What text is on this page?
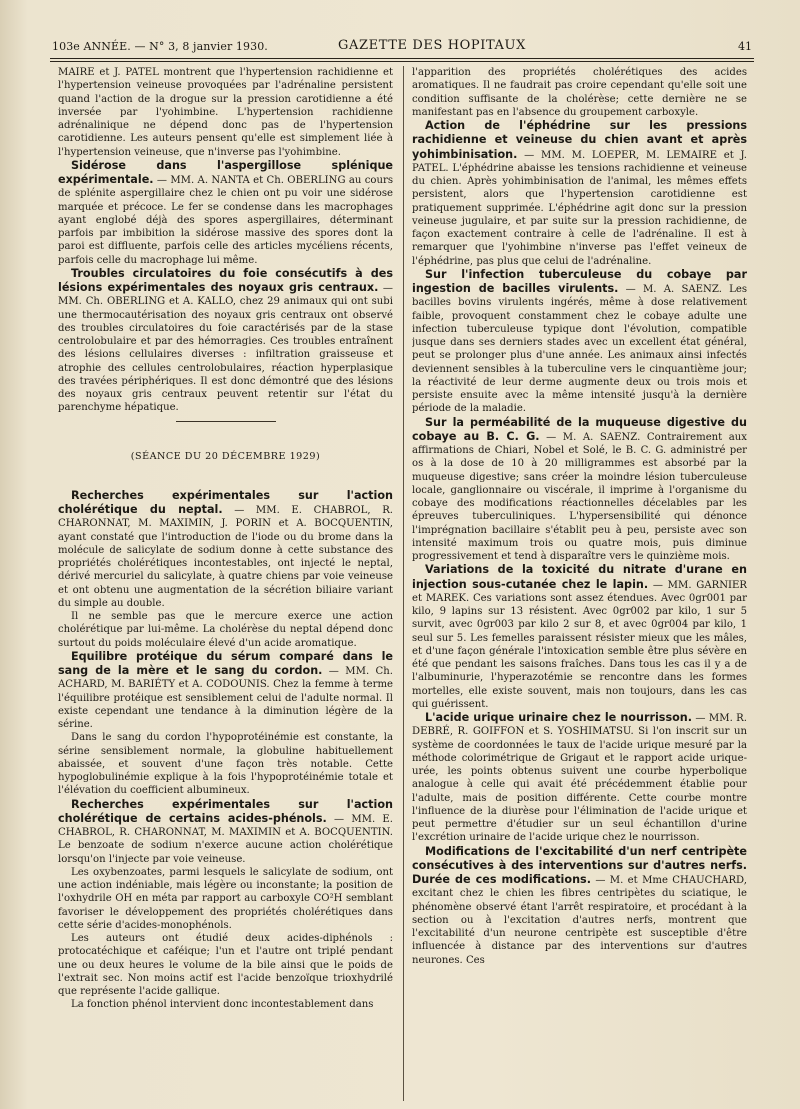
103e ANNÉE. — N° 3, 8 janvier 1930.	GAZETTE DES HOPITAUX	41

MAIRE et J. PATEL montrent que l'hypertension rachidienne et l'hypertension veineuse provoquées par l'adrénaline persistent quand l'action de la drogue sur la pression carotidienne a été inversée par l'yohimbine. L'hypertension rachidienne adrénalinique ne dépend donc pas de l'hypertension carotidienne. Les auteurs pensent qu'elle est simplement liée à l'hypertension veineuse, que n'inverse pas l'yohimbine.

Sidérose dans l'aspergillose splénique expérimentale. — MM. A. NANTA et Ch. OBERLING au cours de splénite aspergillaire chez le chien ont pu voir une sidérose marquée et précoce. Le fer se condense dans les macrophages ayant englobé déjà des spores aspergillaires, déterminant parfois par imbibition la sidérose massive des spores dont la paroi est diffluente, parfois celle des articles mycéliens récents, parfois celle du macrophage lui même.

Troubles circulatoires du foie consécutifs à des lésions expérimentales des noyaux gris centraux. — MM. Ch. OBERLING et A. KALLO, chez 29 animaux qui ont subi une thermocautérisation des noyaux gris centraux ont observé des troubles circulatoires du foie caractérisés par de la stase centrolobulaire et par des hémorragies. Ces troubles entraînent des lésions cellulaires diverses : infiltration graisseuse et atrophie des cellules centrolobulaires, réaction hyperplasique des travées périphériques. Il est donc démontré que des lésions des noyaux gris centraux peuvent retentir sur l'état du parenchyme hépatique.

(SÉANCE DU 20 DÉCEMBRE 1929)

Recherches expérimentales sur l'action cholérétique du neptal. — MM. E. CHABROL, R. CHARONNAT, M. MAXIMIN, J. PORIN et A. BOCQUENTIN, ayant constaté que l'introduction de l'iode ou du brome dans la molécule de salicylate de sodium donne à cette substance des propriétés cholérétiques incontestables, ont injecté le neptal, dérivé mercuriel du salicylate, à quatre chiens par voie veineuse et ont obtenu une augmentation de la sécrétion biliaire variant du simple au double.

Il ne semble pas que le mercure exerce une action cholérétique par lui-même. La cholérèse du neptal dépend donc surtout du poids moléculaire élevé d'un acide aromatique.

Equilibre protéique du sérum comparé dans le sang de la mère et le sang du cordon. — MM. Ch. ACHARD, M. BARIÉTY et A. CODOUNIS. Chez la femme à terme l'équilibre protéique est sensiblement celui de l'adulte normal. Il existe cependant une tendance à la diminution légère de la sérine.

Dans le sang du cordon l'hypoprotéinémie est constante, la sérine sensiblement normale, la globuline habituellement abaissée, et souvent d'une façon très notable. Cette hypoglobulinémie explique à la fois l'hypoprotéinémie totale et l'élévation du coefficient albumineux.

Recherches expérimentales sur l'action cholérétique de certains acides-phénols. — MM. E. CHABROL, R. CHARONNAT, M. MAXIMIN et A. BOCQUENTIN. Le benzoate de sodium n'exerce aucune action cholérétique lorsqu'on l'injecte par voie veineuse.

Les oxybenzoates, parmi lesquels le salicylate de sodium, ont une action indéniable, mais légère ou inconstante; la position de l'oxhydrile OH en méta par rapport au carboxyle CO²H semblant favoriser le développement des propriétés cholérétiques dans cette série d'acides-monophénols.

Les auteurs ont étudié deux acides-diphénols : protocatéchique et caféique; l'un et l'autre ont triplé pendant une ou deux heures le volume de la bile ainsi que le poids de l'extrait sec. Non moins actif est l'acide benzoïque trioxhydrilé que représente l'acide gallique.

La fonction phénol intervient donc incontestablement dans

l'apparition des propriétés cholérétiques des acides aromatiques. Il ne faudrait pas croire cependant qu'elle soit une condition suffisante de la cholérèse; cette dernière ne se manifestant pas en l'absence du groupement carboxyle.

Action de l'éphédrine sur les pressions rachidienne et veineuse du chien avant et après yohimbinisation. — MM. M. LOEPER, M. LEMAIRE et J. PATEL. L'éphédrine abaisse les tensions rachidienne et veineuse du chien. Après yohimbinisation de l'animal, les mêmes effets persistent, alors que l'hypertension carotidienne est pratiquement supprimée. L'éphédrine agit donc sur la pression veineuse jugulaire, et par suite sur la pression rachidienne, de façon exactement contraire à celle de l'adrénaline. Il est à remarquer que l'yohimbine n'inverse pas l'effet veineux de l'éphédrine, pas plus que celui de l'adrénaline.

Sur l'infection tuberculeuse du cobaye par ingestion de bacilles virulents. — M. A. SAENZ. Les bacilles bovins virulents ingérés, même à dose relativement faible, provoquent constamment chez le cobaye adulte une infection tuberculeuse typique dont l'évolution, compatible jusque dans ses derniers stades avec un excellent état général, peut se prolonger plus d'une année. Les animaux ainsi infectés deviennent sensibles à la tuberculine vers le cinquantième jour; la réactivité de leur derme augmente deux ou trois mois et persiste ensuite avec la même intensité jusqu'à la dernière période de la maladie.

Sur la perméabilité de la muqueuse digestive du cobaye au B. C. G. — M. A. SAENZ. Contrairement aux affirmations de Chiari, Nobel et Solé, le B. C. G. administré per os à la dose de 10 à 20 milligrammes est absorbé par la muqueuse digestive; sans créer la moindre lésion tuberculeuse locale, ganglionnaire ou viscérale, il imprime à l'organisme du cobaye des modifications réactionnelles décelables par les épreuves tuberculiniques. L'hypersensibilité qui dénonce l'imprégnation bacillaire s'établit peu à peu, persiste avec son intensité maximum trois ou quatre mois, puis diminue progressivement et tend à disparaître vers le quinzième mois.

Variations de la toxicité du nitrate d'urane en injection sous-cutanée chez le lapin. — MM. GARNIER et MAREK. Ces variations sont assez étendues. Avec 0gr001 par kilo, 9 lapins sur 13 résistent. Avec 0gr002 par kilo, 1 sur 5 survit, avec 0gr003 par kilo 2 sur 8, et avec 0gr004 par kilo, 1 seul sur 5. Les femelles paraissent résister mieux que les mâles, et d'une façon générale l'intoxication semble être plus sévère en été que pendant les saisons fraîches. Dans tous les cas il y a de l'albuminurie, l'hyperazotémie se rencontre dans les formes mortelles, elle existe souvent, mais non toujours, dans les cas qui guérissent.

L'acide urique urinaire chez le nourrisson. — MM. R. DEBRÉ, R. GOIFFON et S. YOSHIMATSU. Si l'on inscrit sur un système de coordonnées le taux de l'acide urique mesuré par la méthode colorimétrique de Grigaut et le rapport acide urique-urée, les points obtenus suivent une courbe hyperbolique analogue à celle qui avait été précédemment établie pour l'adulte, mais de position différente. Cette courbe montre l'influence de la diurèse pour l'élimination de l'acide urique et peut permettre d'étudier sur un seul échantillon d'urine l'excrétion urinaire de l'acide urique chez le nourrisson.

Modifications de l'excitabilité d'un nerf centripète consécutives à des interventions sur d'autres nerfs. Durée de ces modifications. — M. et Mme CHAUCHARD, excitant chez le chien les fibres centripètes du sciatique, le phénomène observé étant l'arrêt respiratoire, et procédant à la section ou à l'excitation d'autres nerfs, montrent que l'excitabilité d'un neurone centripète est susceptible d'être influencée à distance par des interventions sur d'autres neurones. Ces
